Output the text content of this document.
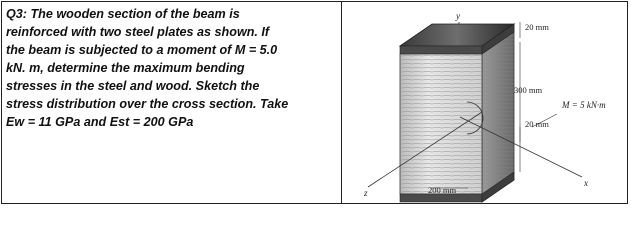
Q3: The wooden section of the beam is
reinforced with two steel plates as shown. If
the beam is subjected to a moment of M = 5.0
kN. m, determine the maximum bending
stresses in the steel and wood. Sketch the
stress distribution over the cross section. Take
Ew = 11 GPa and Est = 200 GPa

y
x
z
M = 5 kN·m
20 mm
300 mm
20 mm
200 mm
